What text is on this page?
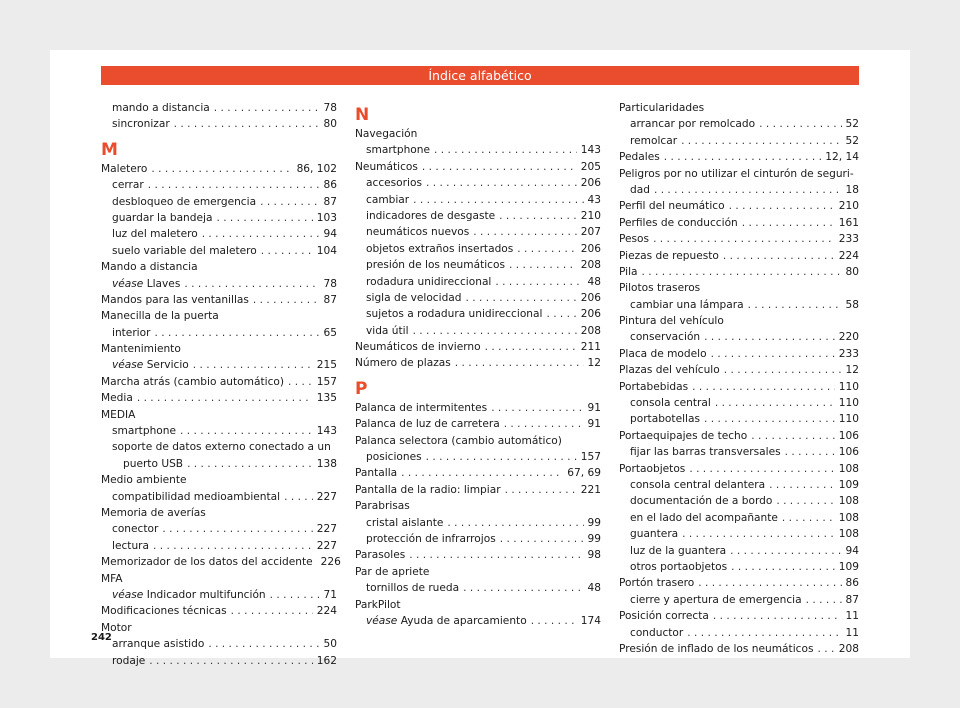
Índice alfabético
mando a distancia . . .	78
sincronizar . . .	80
M
Maletero . . .	86, 102
cerrar . . .	86
desbloqueo de emergencia . . .	87
guardar la bandeja . . .	103
luz del maletero . . .	94
suelo variable del maletero . . .	104
Mando a distancia
véase Llaves . . .	78
Mandos para las ventanillas . . .	87
Manecilla de la puerta
interior . . .	65
Mantenimiento
véase Servicio . . .	215
Marcha atrás (cambio automático) . . .	157
Media . . .	135
MEDIA
smartphone . . .	143
soporte de datos externo conectado a un
puerto USB . . .	138
Medio ambiente
compatibilidad medioambiental . . .	227
Memoria de averías
conector . . .	227
lectura . . .	227
Memorizador de los datos del accidente 226
MFA
véase Indicador multifunción . . .	71
Modificaciones técnicas . . .	224
Motor
arranque asistido . . .	50
rodaje . . .	162
N
Navegación
smartphone . . .	143
Neumáticos . . .	205
accesorios . . .	206
cambiar . . .	43
indicadores de desgaste . . .	210
neumáticos nuevos . . .	207
objetos extraños insertados . . .	206
presión de los neumáticos . . .	208
rodadura unidireccional . . .	48
sigla de velocidad . . .	206
sujetos a rodadura unidireccional . . .	206
vida útil . . .	208
Neumáticos de invierno . . .	211
Número de plazas . . .	12
P
Palanca de intermitentes . . .	91
Palanca de luz de carretera . . .	91
Palanca selectora (cambio automático)
posiciones . . .	157
Pantalla . . .	67, 69
Pantalla de la radio: limpiar . . .	221
Parabrisas
cristal aislante . . .	99
protección de infrarrojos . . .	99
Parasoles . . .	98
Par de apriete
tornillos de rueda . . .	48
ParkPilot
véase Ayuda de aparcamiento . . .	174
Particularidades
arrancar por remolcado . . .	52
remolcar . . .	52
Pedales . . .	12, 14
Peligros por no utilizar el cinturón de seguri-
dad . . .	18
Perfil del neumático . . .	210
Perfiles de conducción . . .	161
Pesos . . .	233
Piezas de repuesto . . .	224
Pila . . .	80
Pilotos traseros
cambiar una lámpara . . .	58
Pintura del vehículo
conservación . . .	220
Placa de modelo . . .	233
Plazas del vehículo . . .	12
Portabebidas . . .	110
consola central . . .	110
portabotellas . . .	110
Portaequipajes de techo . . .	106
fijar las barras transversales . . .	106
Portaobjetos . . .	108
consola central delantera . . .	109
documentación de a bordo . . .	108
en el lado del acompañante . . .	108
guantera . . .	108
luz de la guantera . . .	94
otros portaobjetos . . .	109
Portón trasero . . .	86
cierre y apertura de emergencia . . .	87
Posición correcta . . .	11
conductor . . .	11
Presión de inflado de los neumáticos . . . 208
242
